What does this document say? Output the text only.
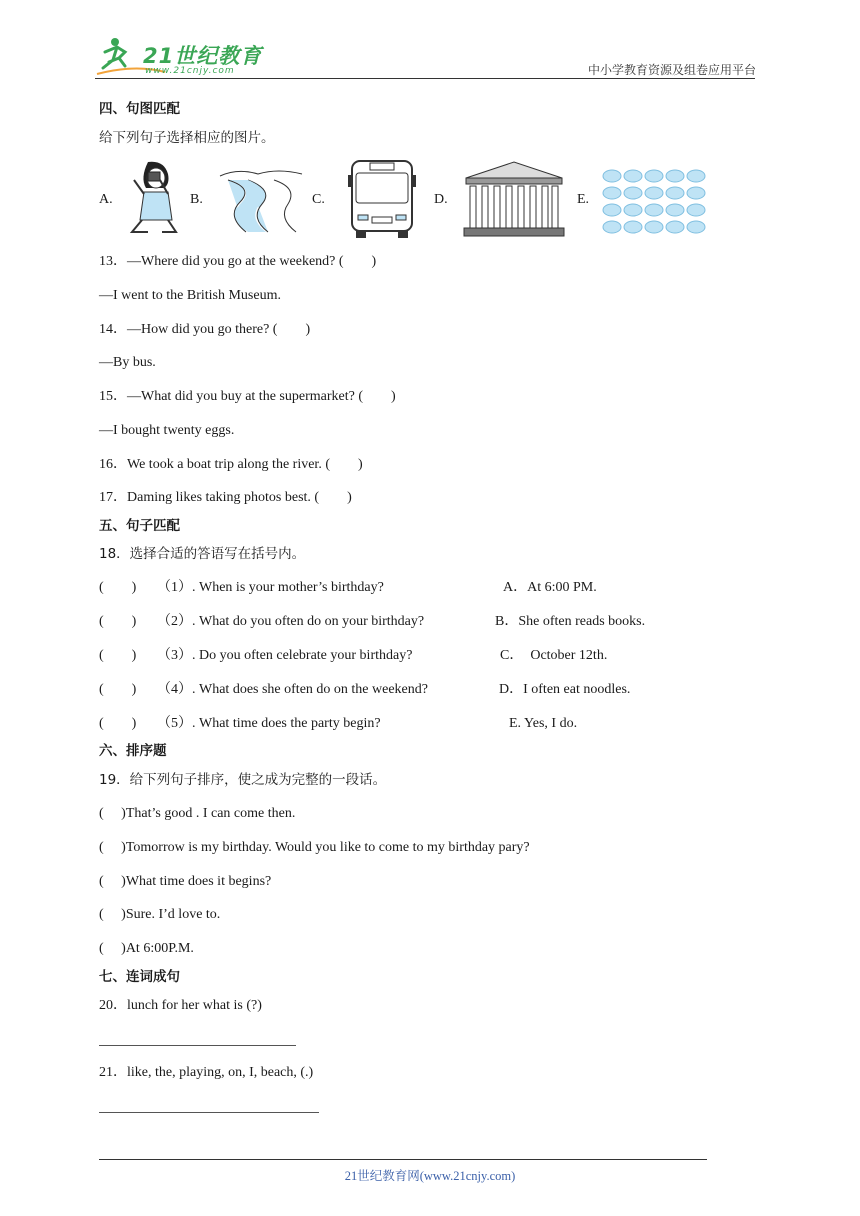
21世纪教育
www.21cnjy.com	中小学教育资源及组卷应用平台
四、句图匹配
给下列句子选择相应的图片。
A.	B.	C.	D.	E.
13．—Where did you go at the weekend? (　　)
—I went to the British Museum.
14．—How did you go there? (　　)
—By bus.
15．—What did you buy at the supermarket? (　　)
—I bought twenty eggs.
16．We took a boat trip along the river. (　　)
17．Daming likes taking photos best. (　　)
五、句子匹配
18．选择合适的答语写在括号内。
(　　) （1）. When is your mother’s birthday?	A．At 6:00 PM.
(　　) （2）. What do you often do on your birthday?	B．She often reads books.
(　　) （3）. Do you often celebrate your birthday?	C．　October 12th.
(　　) （4）. What does she often do on the weekend?	D．I often eat noodles.
(　　) （5）. What time does the party begin?	E. Yes, I do.
六、排序题
19．给下列句子排序，使之成为完整的一段话。
(　 )That’s good . I can come then.
(　 )Tomorrow is my birthday. Would you like to come to my birthday pary?
(　 )What time does it begins?
(　 )Sure. I’d love to.
(　 )At 6:00P.M.
七、连词成句
20．lunch for her what is (?)
21．like, the, playing, on, I, beach, (.)
21世纪教育网(www.21cnjy.com)
